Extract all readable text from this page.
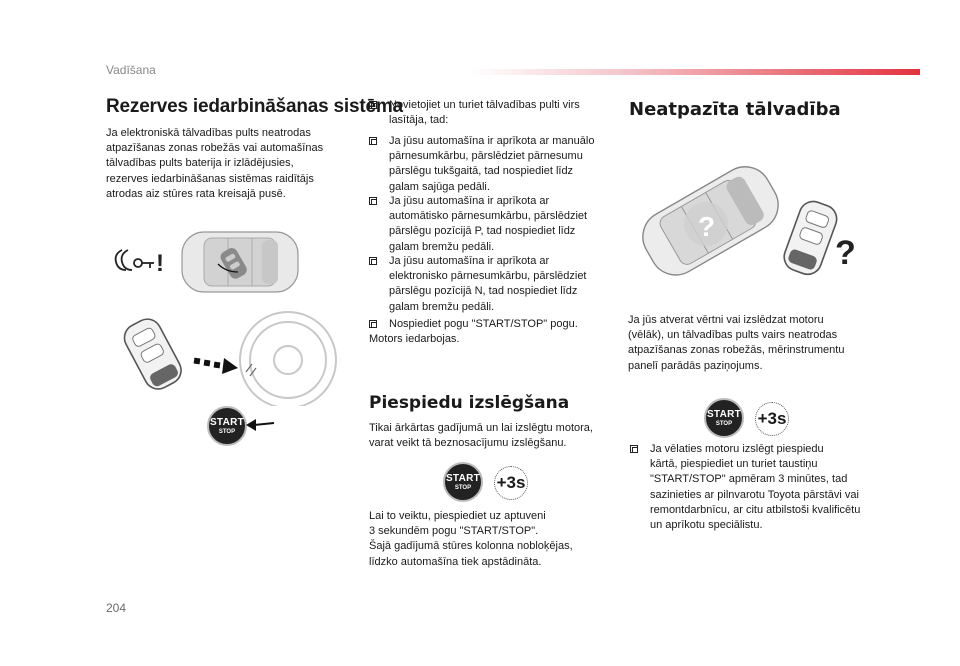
Vadīšana
Rezerves iedarbināšanas sistēma
Ja elektroniskā tālvadības pults neatrodas
atpazīšanas zonas robežās vai automašīnas
tālvadības pults baterija ir izlādējusies,
rezerves iedarbināšanas sistēmas raidītājs
atrodas aiz stūres rata kreisajā pusē.
!
START
STOP
Novietojiet un turiet tālvadības pulti virs
lasītāja, tad:
Ja jūsu automašīna ir aprīkota ar manuālo
pārnesumkārbu, pārslēdziet pārnesumu
pārslēgu tukšgaitā, tad nospiediet līdz
galam sajūga pedāli.
Ja jūsu automašīna ir aprīkota ar
automātisko pārnesumkārbu, pārslēdziet
pārslēgu pozīcijā P, tad nospiediet līdz
galam bremžu pedāli.
Ja jūsu automašīna ir aprīkota ar
elektronisko pārnesumkārbu, pārslēdziet
pārslēgu pozīcijā N, tad nospiediet līdz
galam bremžu pedāli.
Nospiediet pogu "START/STOP" pogu.
Motors iedarbojas.
Piespiedu izslēgšana
Tikai ārkārtas gadījumā un lai izslēgtu motora,
varat veikt tā beznosacījumu izslēgšanu.
START
STOP	+3s
Lai to veiktu, piespiediet uz aptuveni
3 sekundēm pogu "START/STOP".
Šajā gadījumā stūres kolonna nobloķējas,
līdzko automašīna tiek apstādināta.
Neatpazīta tālvadība
?
?
Ja jūs atverat vērtni vai izslēdzat motoru
(vēlāk), un tālvadības pults vairs neatrodas
atpazīšanas zonas robežās, mērinstrumentu
panelī parādās paziņojums.
START
STOP	+3s
Ja vēlaties motoru izslēgt piespiedu
kārtā, piespiediet un turiet taustiņu
"START/STOP" apmēram 3 minūtes, tad
sazinieties ar pilnvarotu Toyota pārstāvi vai
remontdarbnīcu, ar citu atbilstoši kvalificētu
un aprīkotu speciālistu.
204
